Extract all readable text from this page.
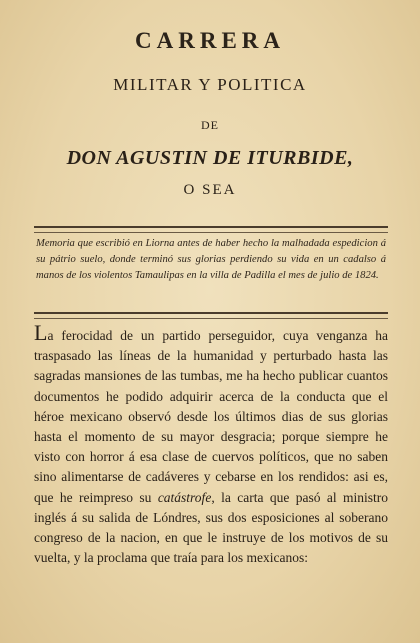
CARRERA
MILITAR Y POLITICA
DE
DON AGUSTIN DE ITURBIDE,
O SEA
Memoria que escribió en Liorna antes de haber hecho la malhadada espedicion á su pátrio suelo, donde terminó sus glorias perdiendo su vida en un cadalso á manos de los violentos Tamaulipas en la villa de Padilla el mes de julio de 1824.
La ferocidad de un partido perseguidor, cuya venganza ha traspasado las líneas de la humanidad y perturbado hasta las sagradas mansiones de las tumbas, me ha hecho publicar cuantos documentos he podido adquirir acerca de la conducta que el héroe mexicano observó desde los últimos dias de sus glorias hasta el momento de su mayor desgracia; porque siempre he visto con horror á esa clase de cuervos políticos, que no saben sino alimentarse de cadáveres y cebarse en los rendidos: asi es, que he reimpreso su catástrofe, la carta que pasó al ministro inglés á su salida de Lóndres, sus dos esposiciones al soberano congreso de la nacion, en que le instruye de los motivos de su vuelta, y la proclama que traía para los mexicanos:
